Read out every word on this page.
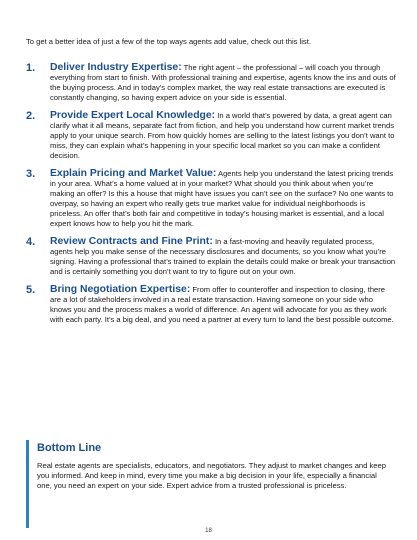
To get a better idea of just a few of the top ways agents add value, check out this list.

1. Deliver Industry Expertise: The right agent – the professional – will coach you through everything from start to finish. With professional training and expertise, agents know the ins and outs of the buying process. And in today’s complex market, the way real estate transactions are executed is constantly changing, so having expert advice on your side is essential.
2. Provide Expert Local Knowledge: In a world that’s powered by data, a great agent can clarify what it all means, separate fact from fiction, and help you understand how current market trends apply to your unique search. From how quickly homes are selling to the latest listings you don’t want to miss, they can explain what’s happening in your specific local market so you can make a confident decision.
3. Explain Pricing and Market Value: Agents help you understand the latest pricing trends in your area. What’s a home valued at in your market? What should you think about when you’re making an offer? Is this a house that might have issues you can’t see on the surface? No one wants to overpay, so having an expert who really gets true market value for individual neighborhoods is priceless. An offer that’s both fair and competitive in today’s housing market is essential, and a local expert knows how to help you hit the mark.
4. Review Contracts and Fine Print: In a fast-moving and heavily regulated process, agents help you make sense of the necessary disclosures and documents, so you know what you’re signing. Having a professional that’s trained to explain the details could make or break your transaction and is certainly something you don’t want to try to figure out on your own.
5. Bring Negotiation Expertise: From offer to counteroffer and inspection to closing, there are a lot of stakeholders involved in a real estate transaction. Having someone on your side who knows you and the process makes a world of difference. An agent will advocate for you as they work with each party. It’s a big deal, and you need a partner at every turn to land the best possible outcome.
Bottom Line
Real estate agents are specialists, educators, and negotiators. They adjust to market changes and keep you informed. And keep in mind, every time you make a big decision in your life, especially a financial one, you need an expert on your side. Expert advice from a trusted professional is priceless.
18
